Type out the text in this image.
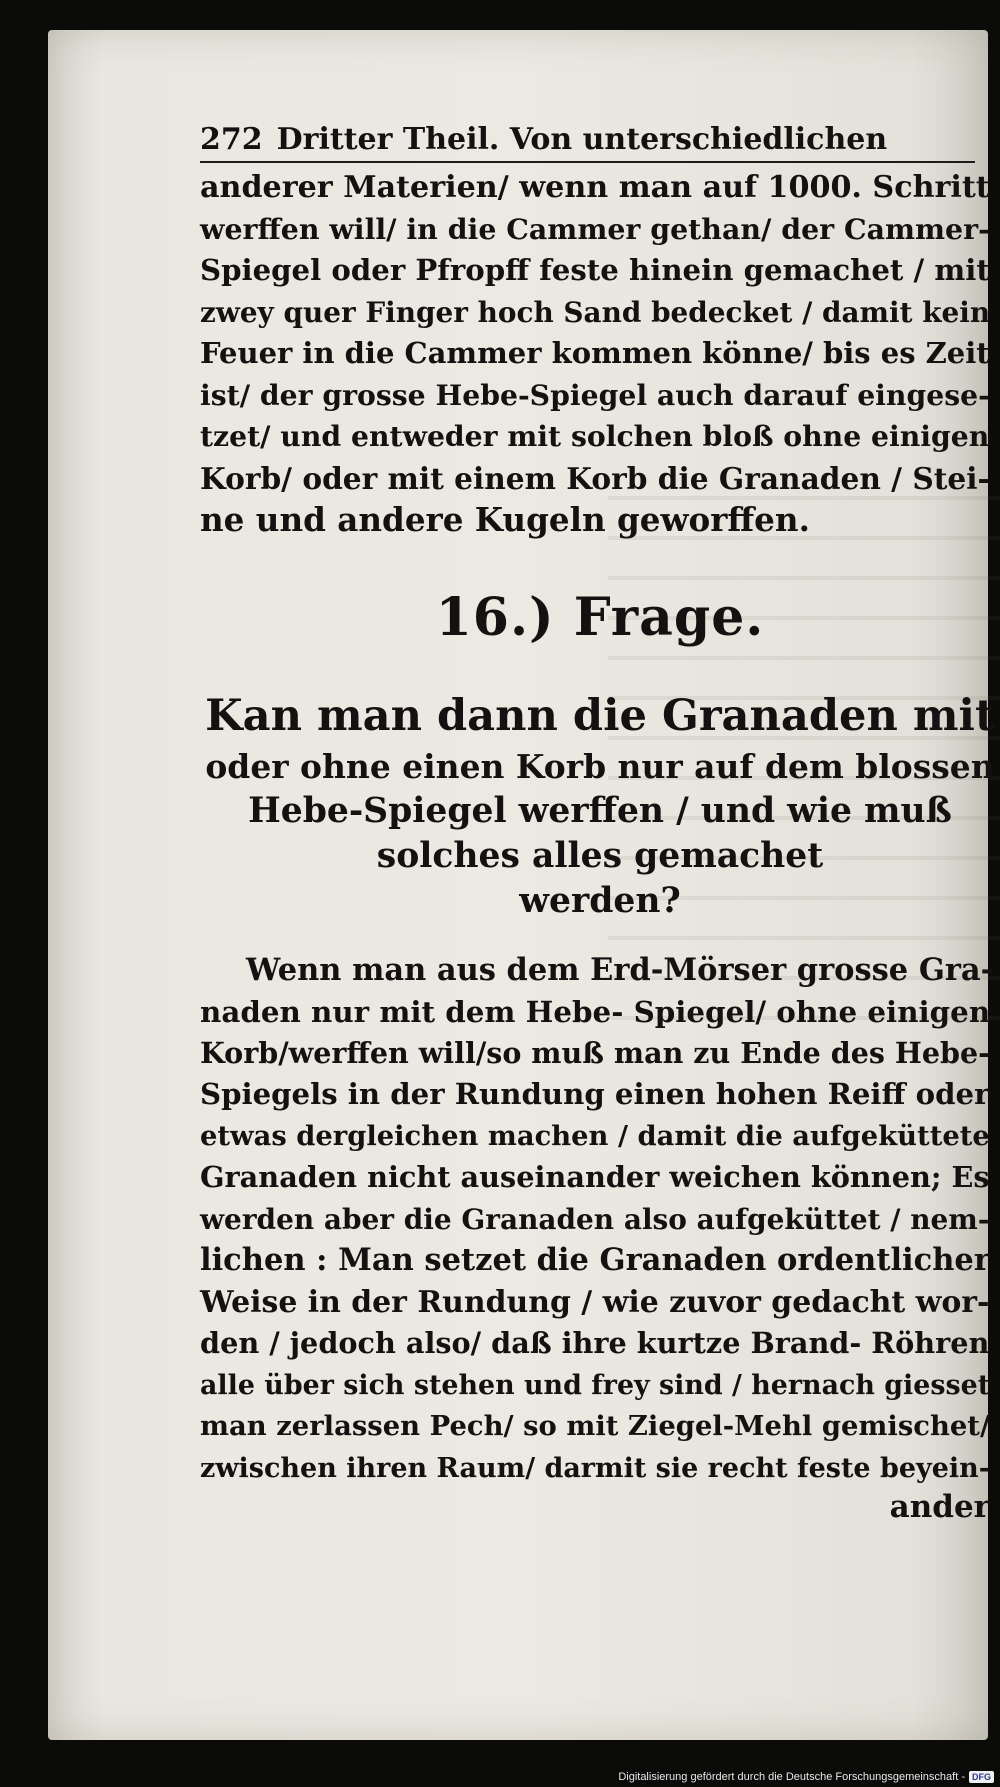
272 Dritter Theil. Von unterschiedlichen

anderer Materien/ wenn man auf 1000. Schritt
werffen will/ in die Cammer gethan/ der Cammer-
Spiegel oder Pfropff feste hinein gemachet / mit
zwey quer Finger hoch Sand bedecket / damit kein
Feuer in die Cammer kommen könne/ bis es Zeit
ist/ der grosse Hebe-Spiegel auch darauf eingese-
tzet/ und entweder mit solchen bloß ohne einigen
Korb/ oder mit einem Korb die Granaden / Stei-
ne und andere Kugeln geworffen.

16.) Frage.

Kan man dann die Granaden mit
oder ohne einen Korb nur auf dem blossen
Hebe-Spiegel werffen / und wie muß
solches alles gemachet
werden?

Wenn man aus dem Erd-Mörser grosse Gra-
naden nur mit dem Hebe- Spiegel/ ohne einigen
Korb/werffen will/so muß man zu Ende des Hebe-
Spiegels in der Rundung einen hohen Reiff oder
etwas dergleichen machen / damit die aufgeküttete
Granaden nicht auseinander weichen können; Es
werden aber die Granaden also aufgeküttet / nem-
lichen : Man setzet die Granaden ordentlicher
Weise in der Rundung / wie zuvor gedacht wor-
den / jedoch also/ daß ihre kurtze Brand- Röhren
alle über sich stehen und frey sind / hernach giesset
man zerlassen Pech/ so mit Ziegel-Mehl gemischet/
zwischen ihren Raum/ darmit sie recht feste beyein-

ander
Digitalisierung gefördert durch die Deutsche Forschungsgemeinschaft - DFG
